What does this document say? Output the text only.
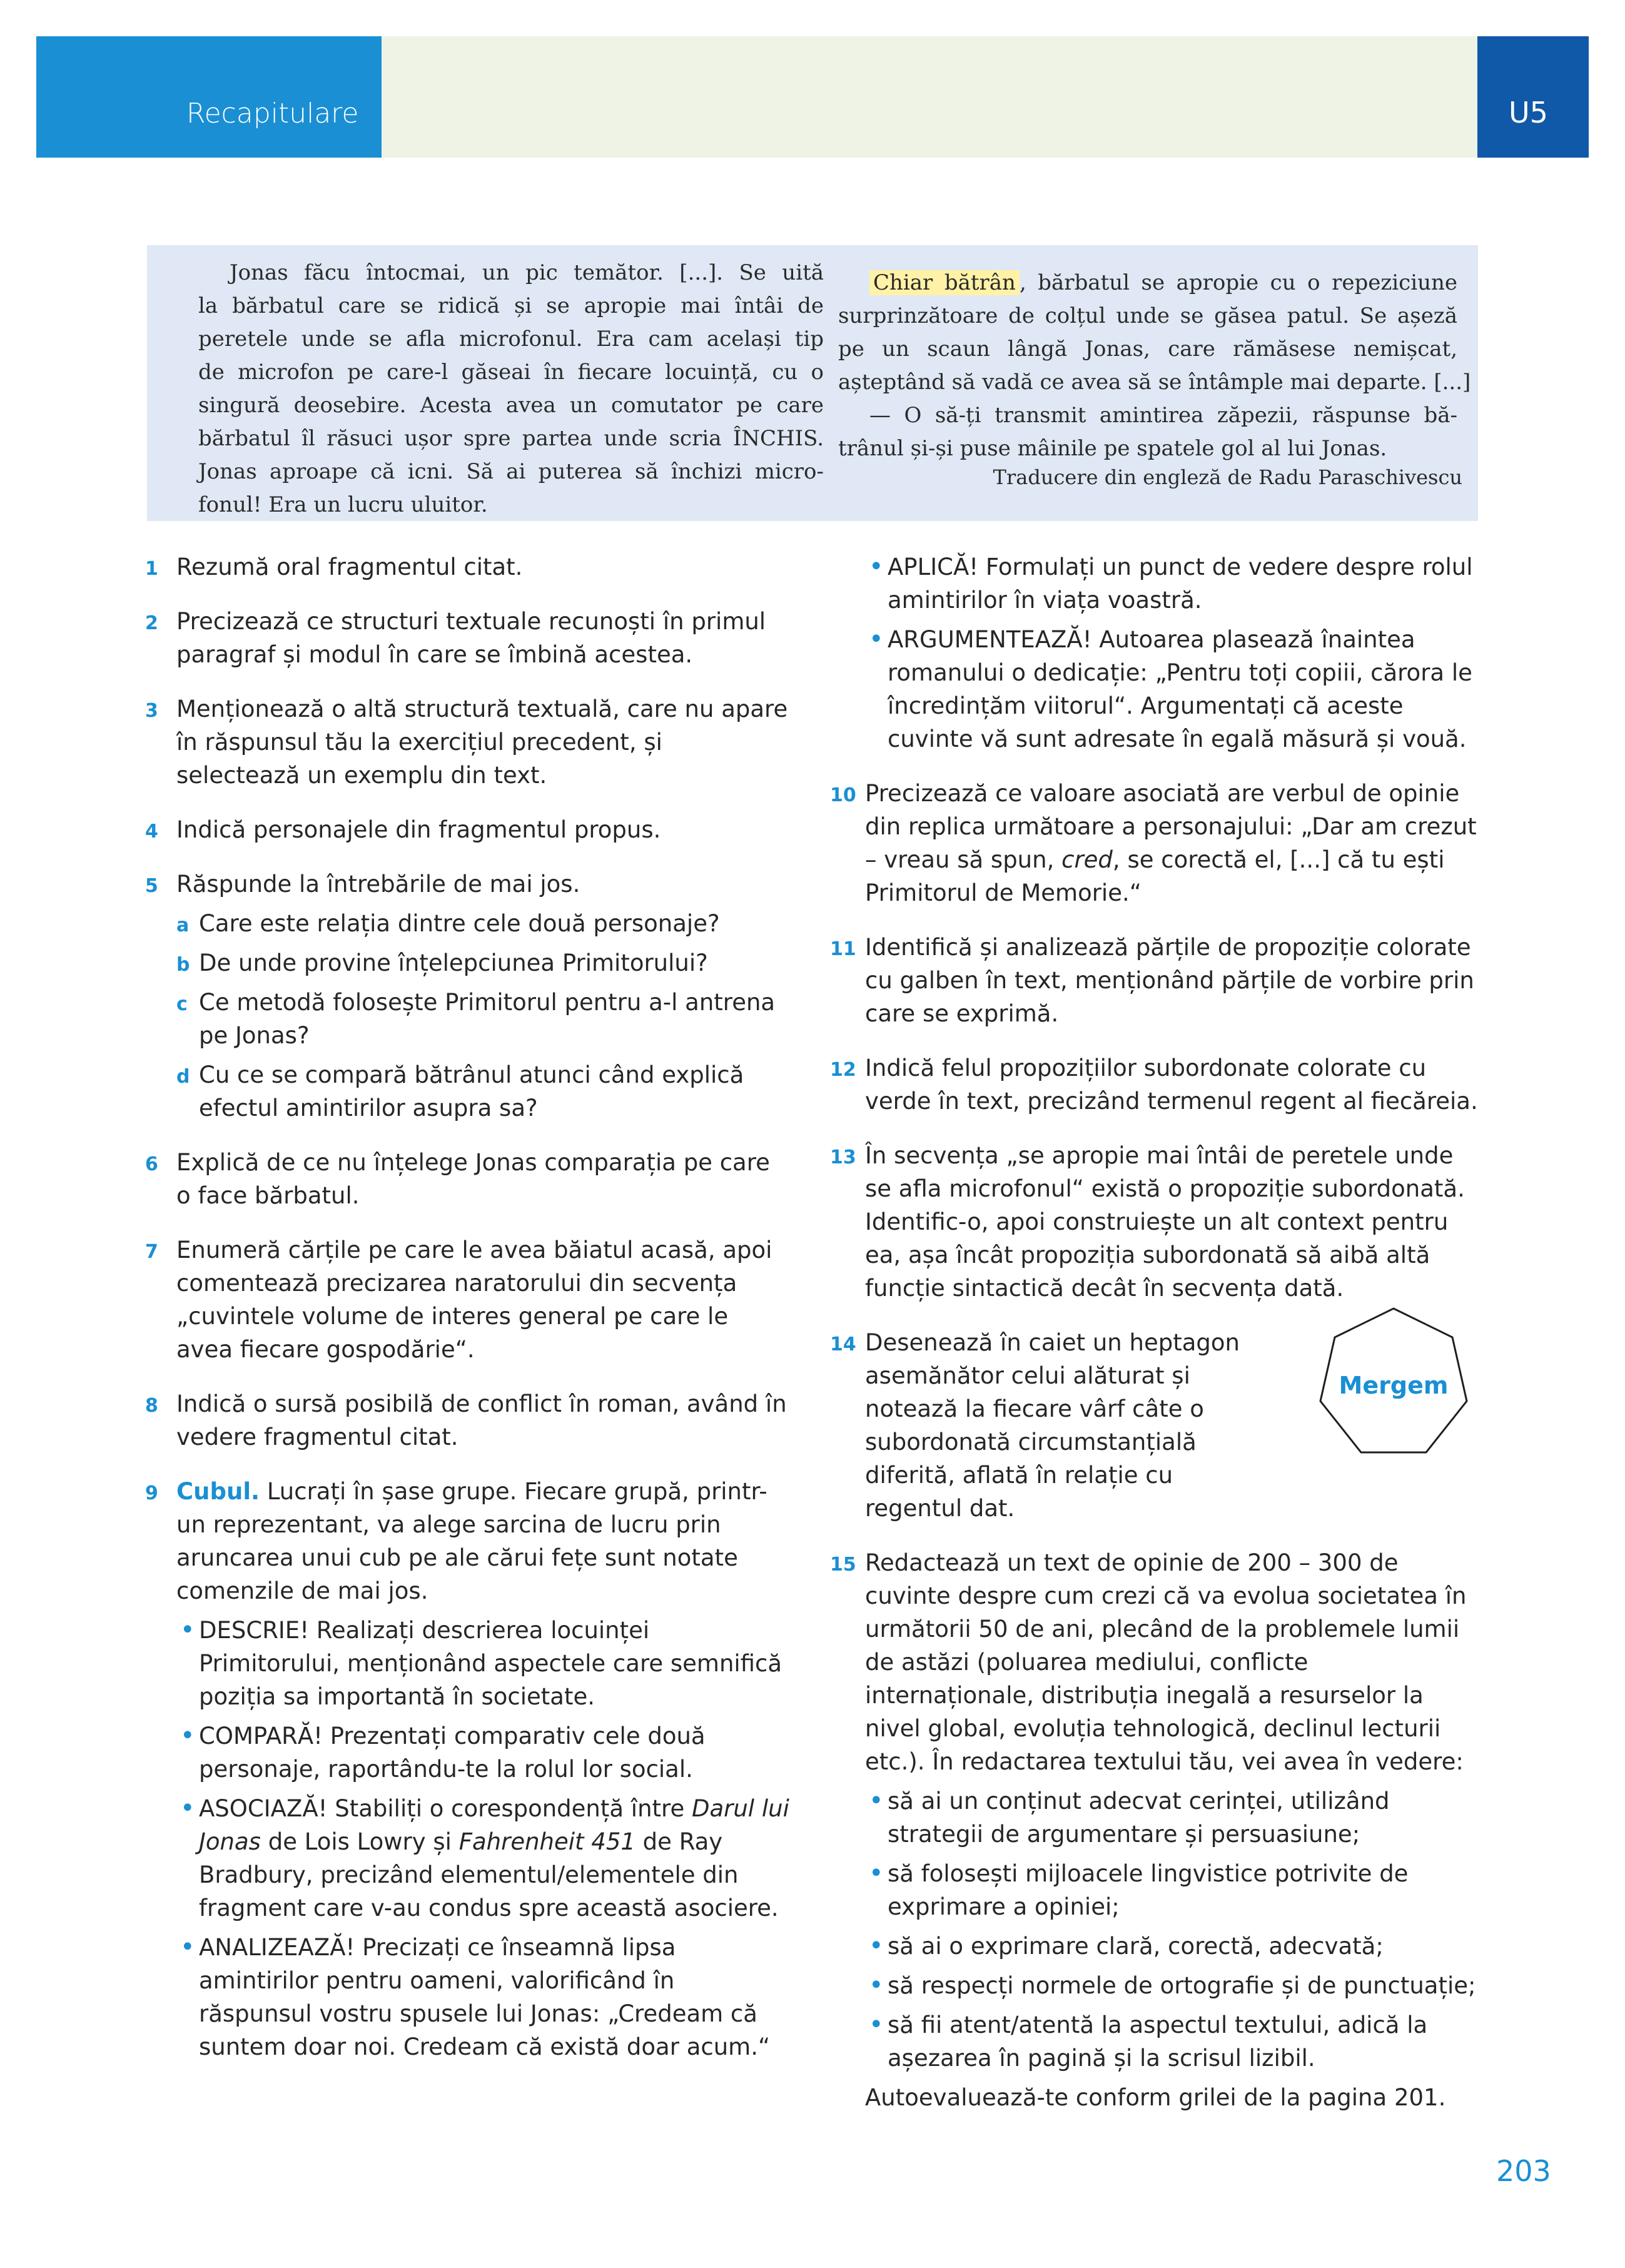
Recapitulare	U5
Jonas făcu întocmai, un pic temător. [...]. Se uită
la bărbatul care se ridică și se apropie mai întâi de
peretele unde se afla microfonul. Era cam același tip
de microfon pe care-l găseai în fiecare locuință, cu o
singură deosebire. Acesta avea un comutator pe care
bărbatul îl răsuci ușor spre partea unde scria ÎNCHIS.
Jonas aproape că icni. Să ai puterea să închizi micro-
fonul! Era un lucru uluitor.
Chiar bătrân , bărbatul se apropie cu o repeziciune
surprinzătoare de colțul unde se găsea patul. Se așeză
pe un scaun lângă Jonas, care rămăsese nemișcat,
așteptând să vadă ce avea să se întâmple mai departe. [...]
— O să-ți transmit amintirea zăpezii, răspunse bă-
trânul și-și puse mâinile pe spatele gol al lui Jonas.
Traducere din engleză de Radu Paraschivescu
1 Rezumă oral fragmentul citat.
2 Precizează ce structuri textuale recunoști în primul paragraf și modul în care se îmbină acestea.
3 Menționează o altă structură textuală, care nu apare în răspunsul tău la exercițiul precedent, și selectează un exemplu din text.
4 Indică personajele din fragmentul propus.
5 Răspunde la întrebările de mai jos.
a Care este relația dintre cele două personaje?
b De unde provine înțelepciunea Primitorului?
c Ce metodă folosește Primitorul pentru a-l antrena pe Jonas?
d Cu ce se compară bătrânul atunci când explică efectul amintirilor asupra sa?
6 Explică de ce nu înțelege Jonas comparația pe care o face bărbatul.
7 Enumeră cărțile pe care le avea băiatul acasă, apoi comentează precizarea naratorului din secvența „cuvintele volume de interes general pe care le avea fiecare gospodărie“.
8 Indică o sursă posibilă de conflict în roman, având în vedere fragmentul citat.
9 Cubul. Lucrați în șase grupe. Fiecare grupă, printr-un reprezentant, va alege sarcina de lucru prin aruncarea unui cub pe ale cărui fețe sunt notate comenzile de mai jos.
• DESCRIE! Realizați descrierea locuinței Primitorului, menționând aspectele care semnifică poziția sa importantă în societate.
• COMPARĂ! Prezentați comparativ cele două personaje, raportându-te la rolul lor social.
• ASOCIAZĂ! Stabiliți o corespondență între Darul lui Jonas de Lois Lowry și Fahrenheit 451 de Ray Bradbury, precizând elementul/elementele din fragment care v-au condus spre această asociere.
• ANALIZEAZĂ! Precizați ce înseamnă lipsa amintirilor pentru oameni, valorificând în răspunsul vostru spusele lui Jonas: „Credeam că suntem doar noi. Credeam că există doar acum.“
• APLICĂ! Formulați un punct de vedere despre rolul amintirilor în viața voastră.
• ARGUMENTEAZĂ! Autoarea plasează înaintea romanului o dedicație: „Pentru toți copiii, cărora le încredințăm viitorul“. Argumentați că aceste cuvinte vă sunt adresate în egală măsură și vouă.
10 Precizează ce valoare asociată are verbul de opinie din replica următoare a personajului: „Dar am crezut – vreau să spun, cred, se corectă el, [...] că tu ești Primitorul de Memorie.“
11 Identifică și analizează părțile de propoziție colorate cu galben în text, menționând părțile de vorbire prin care se exprimă.
12 Indică felul propozițiilor subordonate colorate cu verde în text, precizând termenul regent al fiecăreia.
13 În secvența „se apropie mai întâi de peretele unde se afla microfonul“ există o propoziție subordonată. Identific-o, apoi construiește un alt context pentru ea, așa încât propoziția subordonată să aibă altă funcție sintactică decât în secvența dată.
14 Desenează în caiet un heptagon asemănător celui alăturat și notează la fiecare vârf câte o subordonată circumstanțială diferită, aflată în relație cu regentul dat.
Mergem
15 Redactează un text de opinie de 200 – 300 de cuvinte despre cum crezi că va evolua societatea în următorii 50 de ani, plecând de la problemele lumii de astăzi (poluarea mediului, conflicte internaționale, distribuția inegală a resurselor la nivel global, evoluția tehnologică, declinul lecturii etc.). În redactarea textului tău, vei avea în vedere:
• să ai un conținut adecvat cerinței, utilizând strategii de argumentare și persuasiune;
• să folosești mijloacele lingvistice potrivite de exprimare a opiniei;
• să ai o exprimare clară, corectă, adecvată;
• să respecți normele de ortografie și de punctuație;
• să fii atent/atentă la aspectul textului, adică la așezarea în pagină și la scrisul lizibil.
Autoevaluează-te conform grilei de la pagina 201.
203
